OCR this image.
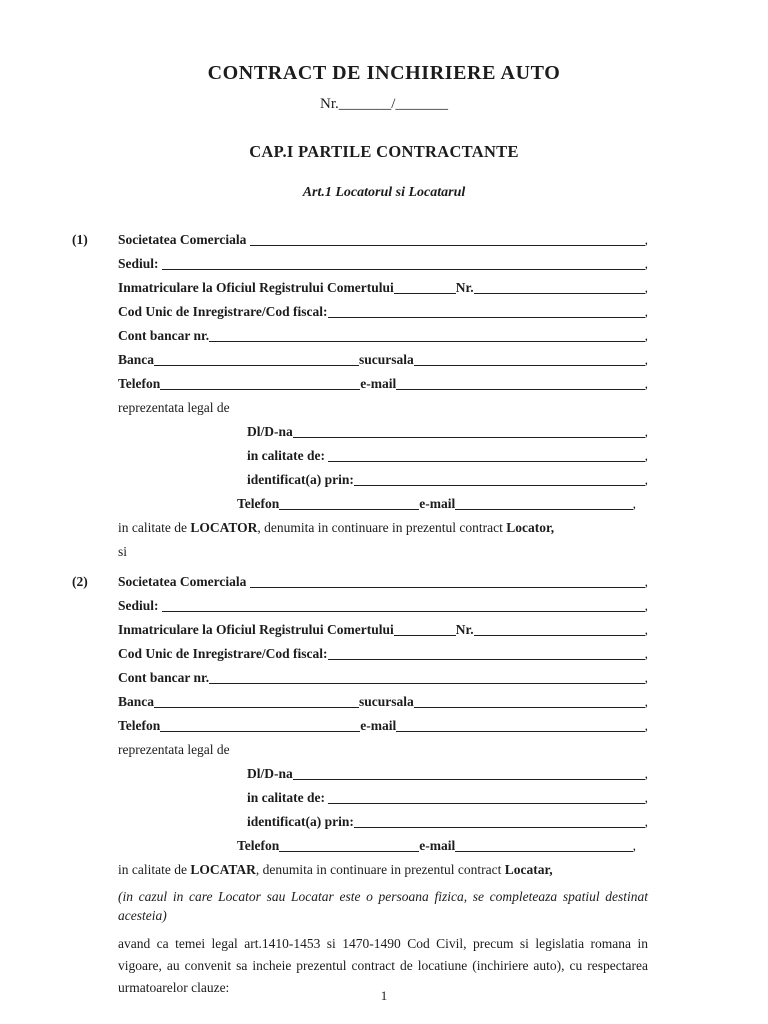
CONTRACT DE INCHIRIERE AUTO
Nr._______/_______
CAP.I PARTILE CONTRACTANTE
Art.1 Locatorul si Locatarul
(1) Societatea Comerciala	,
Sediul:	,
Inmatriculare la Oficiul Registrului Comertului	Nr.	,
Cod Unic de Inregistrare/Cod fiscal:	,
Cont bancar nr.	,
Banca	sucursala	,
Telefon	e-mail	,
reprezentata legal de
Dl/D-na	,
in calitate de:	,
identificat(a) prin:	,
Telefon	e-mail	,
in calitate de LOCATOR , denumita in continuare in prezentul contract Locator,
si
(2) Societatea Comerciala	,
Sediul:	,
Inmatriculare la Oficiul Registrului Comertului	Nr.	,
Cod Unic de Inregistrare/Cod fiscal:	,
Cont bancar nr.	,
Banca	sucursala	,
Telefon	e-mail	,
reprezentata legal de
Dl/D-na	,
in calitate de:	,
identificat(a) prin:	,
Telefon	e-mail	,
in calitate de LOCATAR , denumita in continuare in prezentul contract Locatar,

(in cazul in care Locator sau Locatar este o persoana fizica, se completeaza spatiul destinat acesteia)

avand ca temei legal art.1410-1453 si 1470-1490 Cod Civil, precum si legislatia romana in vigoare, au convenit sa incheie prezentul contract de locatiune (inchiriere auto), cu respectarea urmatoarelor clauze:

1
